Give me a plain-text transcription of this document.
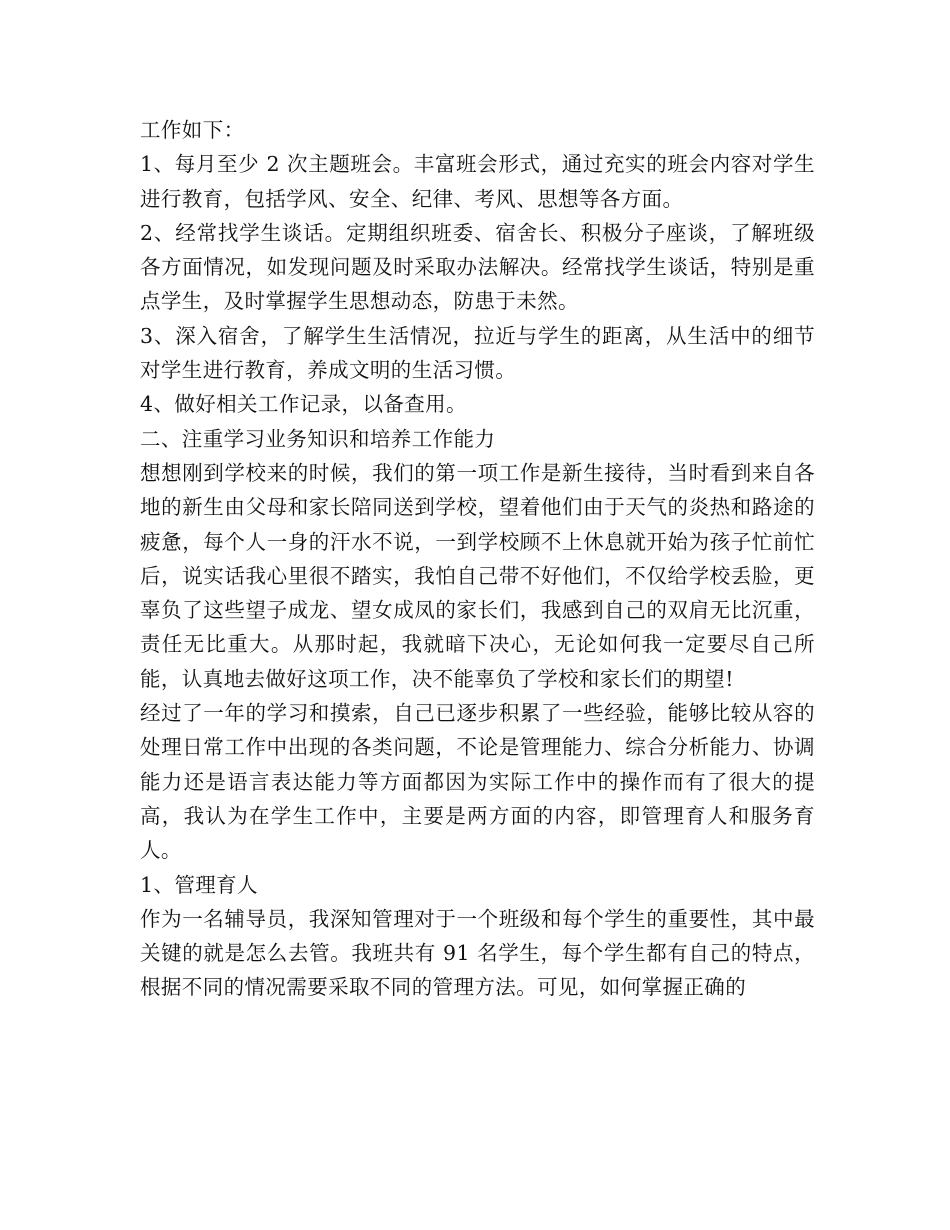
工作如下：

1、每月至少 2 次主题班会。丰富班会形式，通过充实的班会内容对学生进行教育，包括学风、安全、纪律、考风、思想等各方面。

2、经常找学生谈话。定期组织班委、宿舍长、积极分子座谈，了解班级各方面情况，如发现问题及时采取办法解决。经常找学生谈话，特别是重点学生，及时掌握学生思想动态，防患于未然。

3、深入宿舍，了解学生生活情况，拉近与学生的距离，从生活中的细节对学生进行教育，养成文明的生活习惯。

4、做好相关工作记录，以备查用。

二、注重学习业务知识和培养工作能力

想想刚到学校来的时候，我们的第一项工作是新生接待，当时看到来自各地的新生由父母和家长陪同送到学校，望着他们由于天气的炎热和路途的疲惫，每个人一身的汗水不说，一到学校顾不上休息就开始为孩子忙前忙后，说实话我心里很不踏实，我怕自己带不好他们，不仅给学校丢脸，更辜负了这些望子成龙、望女成凤的家长们，我感到自己的双肩无比沉重，责任无比重大。从那时起，我就暗下决心，无论如何我一定要尽自己所能，认真地去做好这项工作，决不能辜负了学校和家长们的期望!

经过了一年的学习和摸索，自己已逐步积累了一些经验，能够比较从容的处理日常工作中出现的各类问题，不论是管理能力、综合分析能力、协调能力还是语言表达能力等方面都因为实际工作中的操作而有了很大的提高，我认为在学生工作中，主要是两方面的内容，即管理育人和服务育人。

1、管理育人

作为一名辅导员，我深知管理对于一个班级和每个学生的重要性，其中最关键的就是怎么去管。我班共有 91 名学生，每个学生都有自己的特点，根据不同的情况需要采取不同的管理方法。可见，如何掌握正确的
